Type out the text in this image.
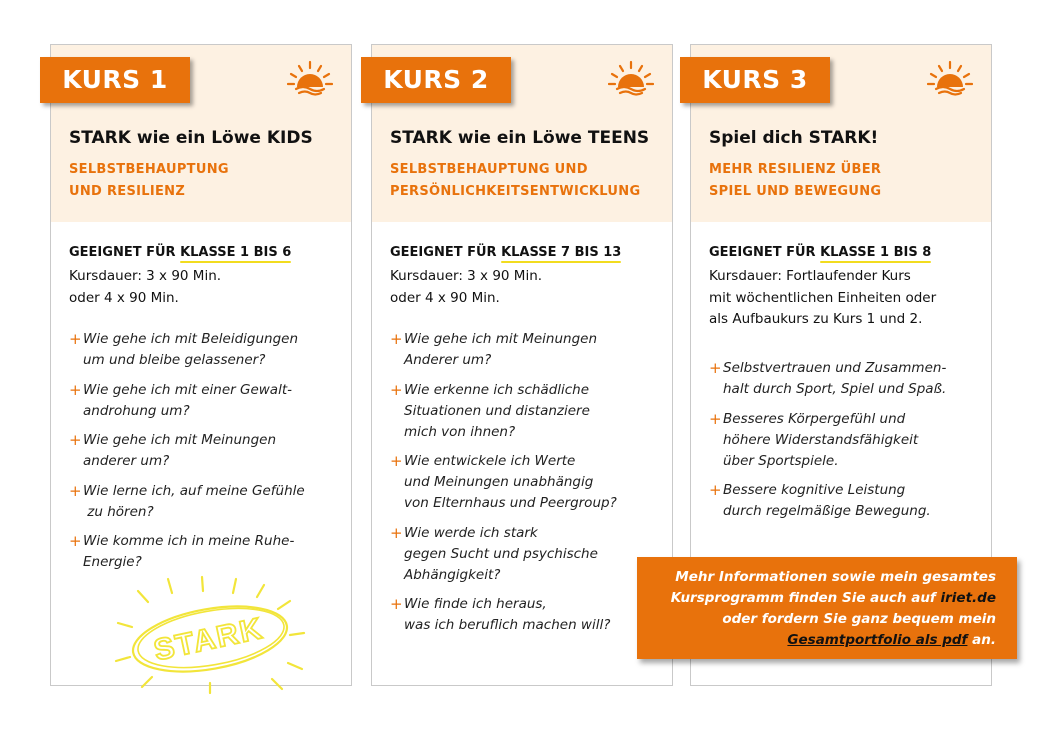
KURS 1
STARK wie ein Löwe KIDS
SELBSTBEHAUPTUNG
UND RESILIENZ
GEEIGNET FÜR KLASSE 1 BIS 6
Kursdauer: 3 x 90 Min.
oder 4 x 90 Min.
+ Wie gehe ich mit Beleidigungen
um und bleibe gelassener?
+ Wie gehe ich mit einer Gewalt-
androhung um?
+ Wie gehe ich mit Meinungen
anderer um?
+ Wie lerne ich, auf meine Gefühle
zu hören?
+ Wie komme ich in meine Ruhe-
Energie?
STARK
KURS 2
STARK wie ein Löwe TEENS
SELBSTBEHAUPTUNG UND
PERSÖNLICHKEITSENTWICKLUNG
GEEIGNET FÜR KLASSE 7 BIS 13
Kursdauer: 3 x 90 Min.
oder 4 x 90 Min.
+ Wie gehe ich mit Meinungen
Anderer um?
+ Wie erkenne ich schädliche
Situationen und distanziere
mich von ihnen?
+ Wie entwickele ich Werte
und Meinungen unabhängig
von Elternhaus und Peergroup?
+ Wie werde ich stark
gegen Sucht und psychische
Abhängigkeit?
+ Wie finde ich heraus,
was ich beruflich machen will?
KURS 3
Spiel dich STARK!
MEHR RESILIENZ ÜBER
SPIEL UND BEWEGUNG
GEEIGNET FÜR KLASSE 1 BIS 8
Kursdauer: Fortlaufender Kurs
mit wöchentlichen Einheiten oder
als Aufbaukurs zu Kurs 1 und 2.
+ Selbstvertrauen und Zusammen-
halt durch Sport, Spiel und Spaß.
+ Besseres Körpergefühl und
höhere Widerstandsfähigkeit
über Sportspiele.
+ Bessere kognitive Leistung
durch regelmäßige Bewegung.
Mehr Informationen sowie mein gesamtes
Kursprogramm finden Sie auch auf iriet.de
oder fordern Sie ganz bequem mein
Gesamtportfolio als pdf an.
